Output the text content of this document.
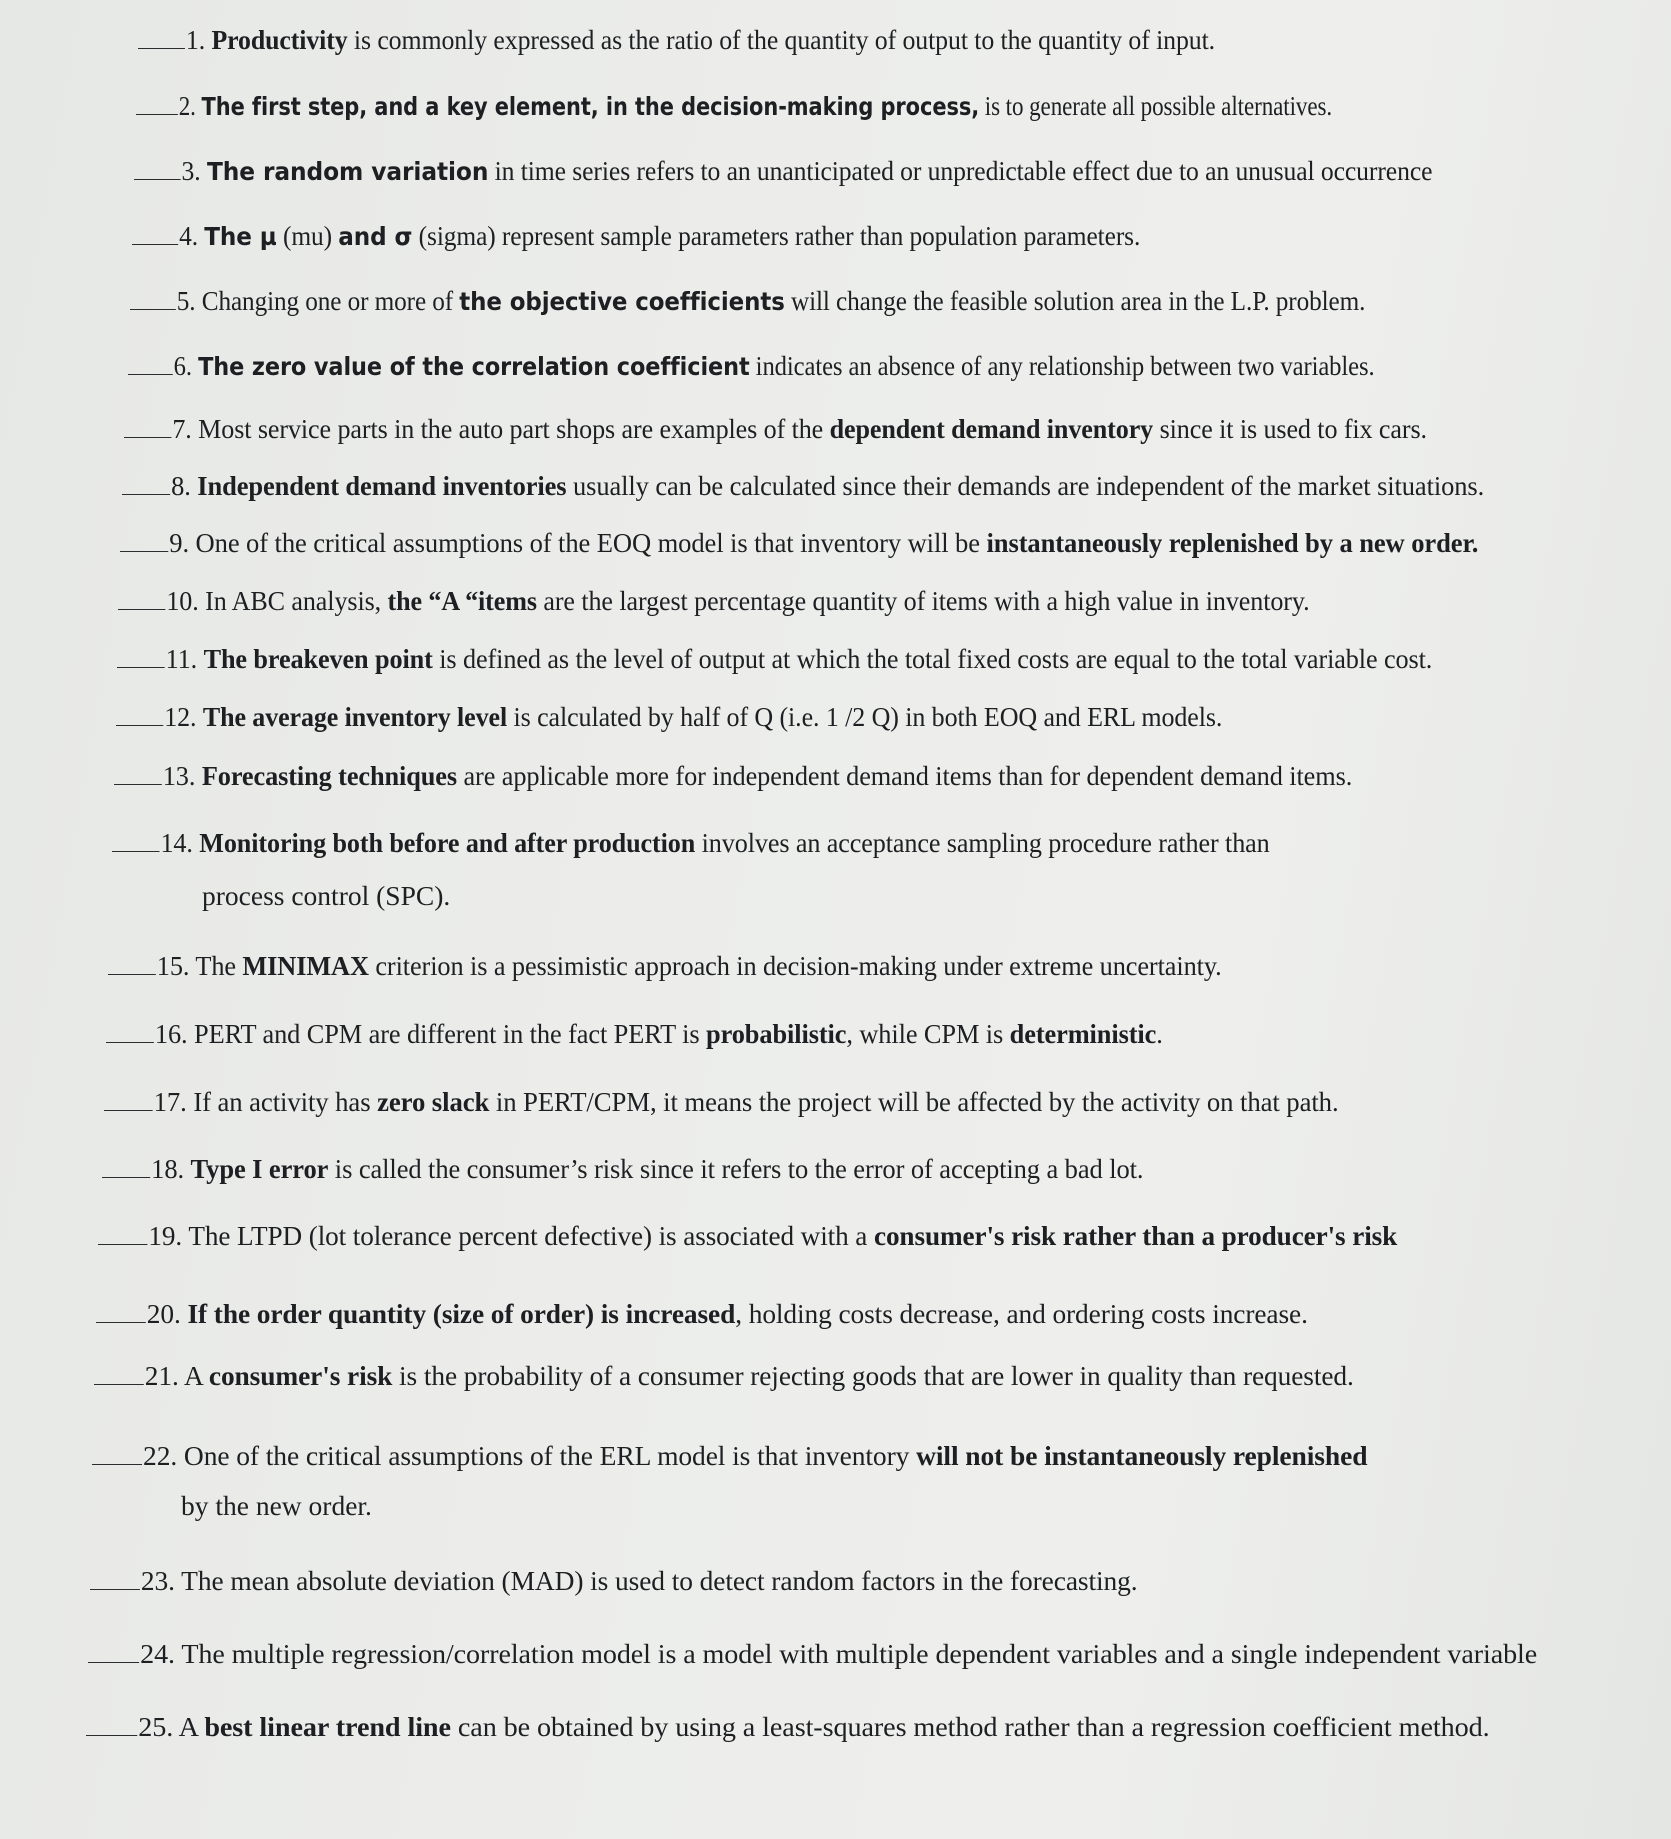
1. Productivity is commonly expressed as the ratio of the quantity of output to the quantity of input.
2. The first step, and a key element, in the decision-making process, is to generate all possible alternatives.
3. The random variation in time series refers to an unanticipated or unpredictable effect due to an unusual occurrence
4. The µ (mu) and σ (sigma) represent sample parameters rather than population parameters.
5. Changing one or more of the objective coefficients will change the feasible solution area in the L.P. problem.
6. The zero value of the correlation coefficient indicates an absence of any relationship between two variables.
7. Most service parts in the auto part shops are examples of the dependent demand inventory since it is used to fix cars.
8. Independent demand inventories usually can be calculated since their demands are independent of the market situations.
9. One of the critical assumptions of the EOQ model is that inventory will be instantaneously replenished by a new order.
10. In ABC analysis, the “A “items are the largest percentage quantity of items with a high value in inventory.
11. The breakeven point is defined as the level of output at which the total fixed costs are equal to the total variable cost.
12. The average inventory level is calculated by half of Q (i.e. 1 /2 Q) in both EOQ and ERL models.
13. Forecasting techniques are applicable more for independent demand items than for dependent demand items.
14. Monitoring both before and after production involves an acceptance sampling procedure rather than
process control (SPC).
15. The MINIMAX criterion is a pessimistic approach in decision-making under extreme uncertainty.
16. PERT and CPM are different in the fact PERT is probabilistic, while CPM is deterministic.
17. If an activity has zero slack in PERT/CPM, it means the project will be affected by the activity on that path.
18. Type I error is called the consumer’s risk since it refers to the error of accepting a bad lot.
19. The LTPD (lot tolerance percent defective) is associated with a consumer's risk rather than a producer's risk
20. If the order quantity (size of order) is increased, holding costs decrease, and ordering costs increase.
21. A consumer's risk is the probability of a consumer rejecting goods that are lower in quality than requested.
22. One of the critical assumptions of the ERL model is that inventory will not be instantaneously replenished
by the new order.
23. The mean absolute deviation (MAD) is used to detect random factors in the forecasting.
24. The multiple regression/correlation model is a model with multiple dependent variables and a single independent variable
25. A best linear trend line can be obtained by using a least-squares method rather than a regression coefficient method.
